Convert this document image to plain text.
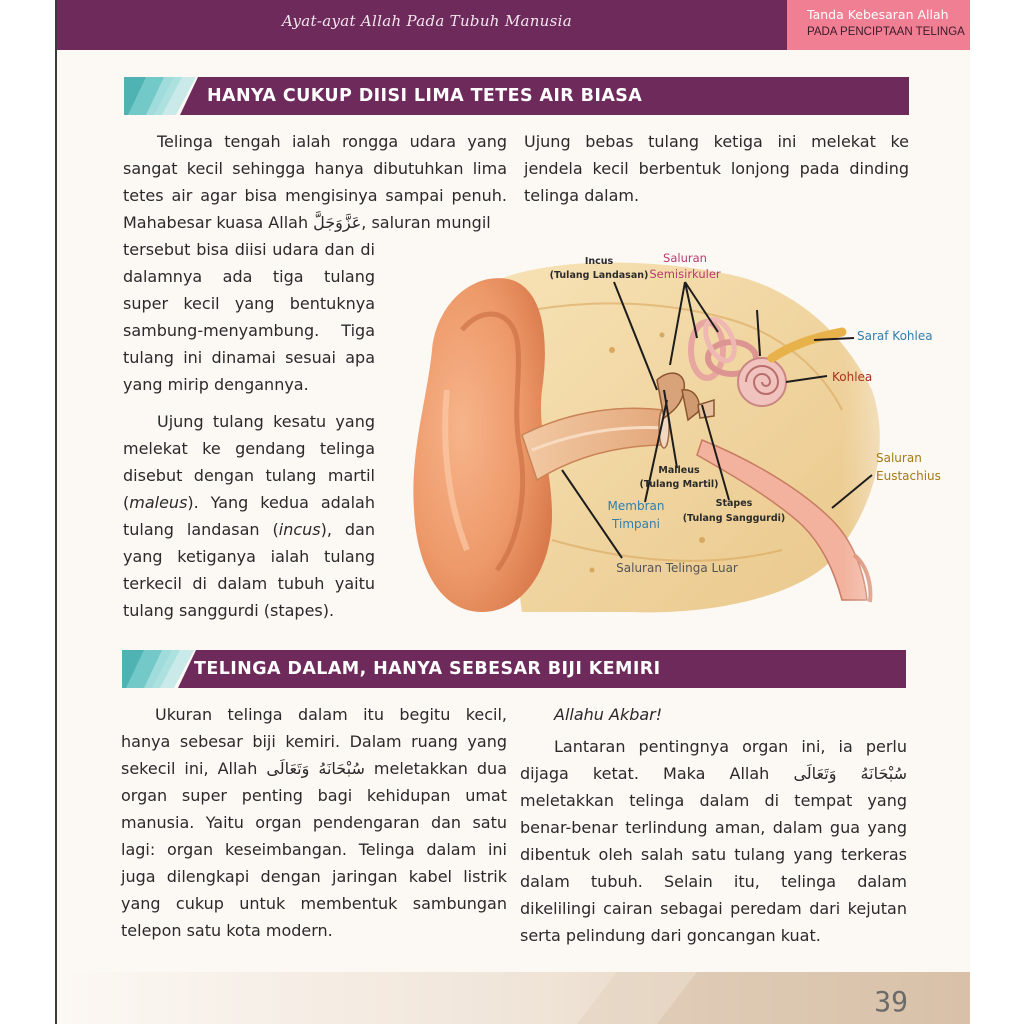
Ayat-ayat Allah Pada Tubuh Manusia	Tanda Kebesaran Allah
PADA PENCIPTAAN TELINGA
HANYA CUKUP DIISI LIMA TETES AIR BIASA

Telinga tengah ialah rongga udara yang sangat kecil sehingga hanya dibutuhkan lima tetes air agar bisa mengisinya sampai penuh. Mahabesar kuasa Allah عَزَّوَجَلَّ, saluran mungil

tersebut bisa diisi udara dan di dalamnya ada tiga tulang super kecil yang bentuknya sambung-menyambung. Tiga tulang ini dinamai sesuai apa yang mirip dengannya.

Ujung tulang kesatu yang melekat ke gendang telinga disebut dengan tulang martil (maleus). Yang kedua adalah tulang landasan (incus), dan yang ketiganya ialah tulang terkecil di dalam tubuh yaitu tulang sanggurdi (stapes).

Ujung bebas tulang ketiga ini melekat ke jendela kecil berbentuk lonjong pada dinding telinga dalam.

TELINGA DALAM, HANYA SEBESAR BIJI KEMIRI

Ukuran telinga dalam itu begitu kecil, hanya sebesar biji kemiri. Dalam ruang yang sekecil ini, Allah سُبْحَانَهُ وَتَعَالَى meletakkan dua organ super penting bagi kehidupan umat manusia. Yaitu organ pendengaran dan satu lagi: organ keseimbangan. Telinga dalam ini juga dilengkapi dengan jaringan kabel listrik yang cukup untuk membentuk sambungan telepon satu kota modern.

Allahu Akbar!

Lantaran pentingnya organ ini, ia perlu dijaga ketat. Maka Allah سُبْحَانَهُ وَتَعَالَى meletakkan telinga dalam di tempat yang benar-benar terlindung aman, dalam gua yang dibentuk oleh salah satu tulang yang terkeras dalam tubuh. Selain itu, telinga dalam dikelilingi cairan sebagai peredam dari kejutan serta pelindung dari goncangan kuat.

39
Incus
(Tulang Landasan)
Saluran
Semisirkuler
Saraf Kohlea
Kohlea
Saluran
Eustachius
Malleus
(Tulang Martil)
Membran
Timpani
Stapes
(Tulang Sanggurdi)
Saluran Telinga Luar
